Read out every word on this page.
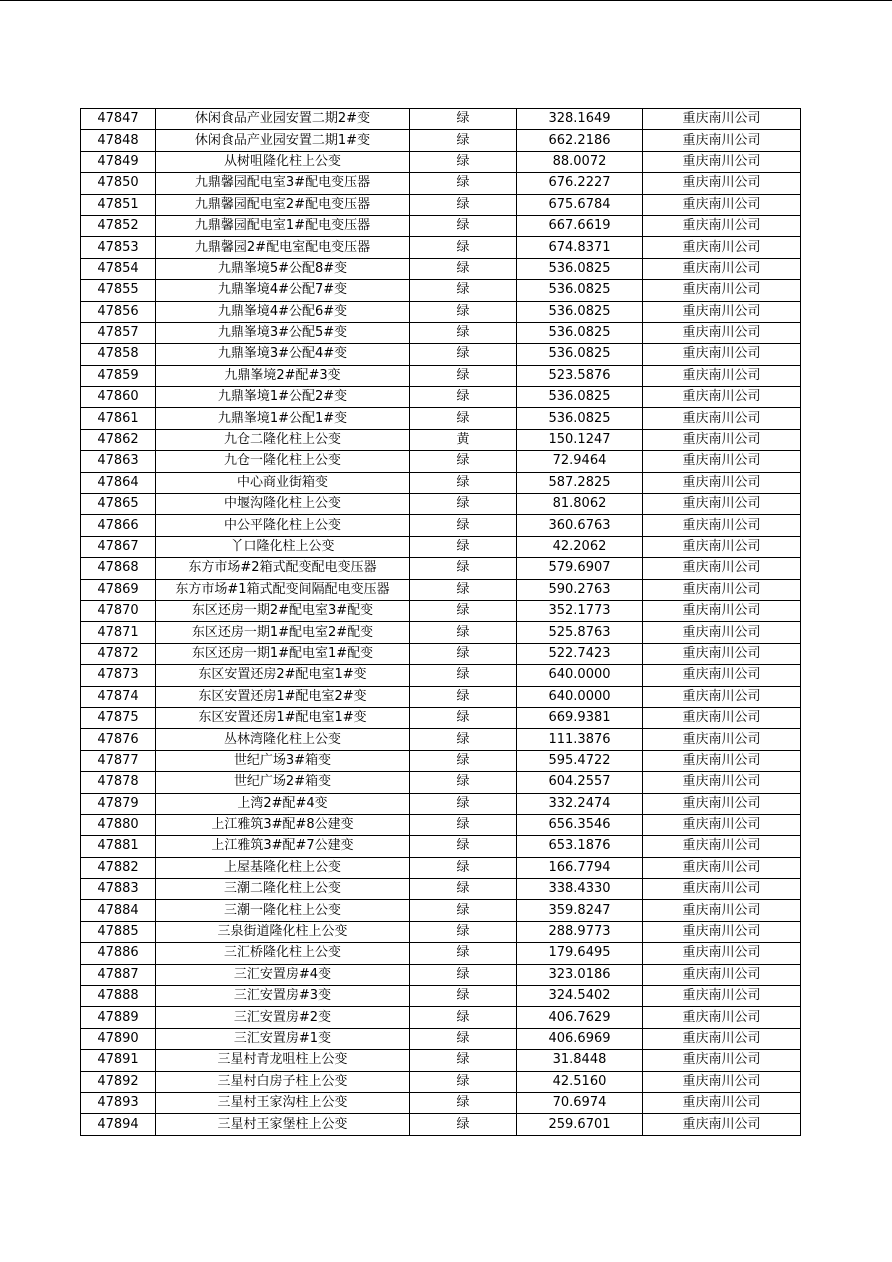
47847	休闲食品产业园安置二期2#变	绿	328.1649	重庆南川公司
47848	休闲食品产业园安置二期1#变	绿	662.2186	重庆南川公司
47849	从树咀隆化柱上公变	绿	88.0072	重庆南川公司
47850	九鼎馨园配电室3#配电变压器	绿	676.2227	重庆南川公司
47851	九鼎馨园配电室2#配电变压器	绿	675.6784	重庆南川公司
47852	九鼎馨园配电室1#配电变压器	绿	667.6619	重庆南川公司
47853	九鼎馨园2#配电室配电变压器	绿	674.8371	重庆南川公司
47854	九鼎峯境5#公配8#变	绿	536.0825	重庆南川公司
47855	九鼎峯境4#公配7#变	绿	536.0825	重庆南川公司
47856	九鼎峯境4#公配6#变	绿	536.0825	重庆南川公司
47857	九鼎峯境3#公配5#变	绿	536.0825	重庆南川公司
47858	九鼎峯境3#公配4#变	绿	536.0825	重庆南川公司
47859	九鼎峯境2#配#3变	绿	523.5876	重庆南川公司
47860	九鼎峯境1#公配2#变	绿	536.0825	重庆南川公司
47861	九鼎峯境1#公配1#变	绿	536.0825	重庆南川公司
47862	九仓二隆化柱上公变	黄	150.1247	重庆南川公司
47863	九仓一隆化柱上公变	绿	72.9464	重庆南川公司
47864	中心商业街箱变	绿	587.2825	重庆南川公司
47865	中堰沟隆化柱上公变	绿	81.8062	重庆南川公司
47866	中公平隆化柱上公变	绿	360.6763	重庆南川公司
47867	丫口隆化柱上公变	绿	42.2062	重庆南川公司
47868	东方市场#2箱式配变配电变压器	绿	579.6907	重庆南川公司
47869	东方市场#1箱式配变间隔配电变压器	绿	590.2763	重庆南川公司
47870	东区还房一期2#配电室3#配变	绿	352.1773	重庆南川公司
47871	东区还房一期1#配电室2#配变	绿	525.8763	重庆南川公司
47872	东区还房一期1#配电室1#配变	绿	522.7423	重庆南川公司
47873	东区安置还房2#配电室1#变	绿	640.0000	重庆南川公司
47874	东区安置还房1#配电室2#变	绿	640.0000	重庆南川公司
47875	东区安置还房1#配电室1#变	绿	669.9381	重庆南川公司
47876	丛林湾隆化柱上公变	绿	111.3876	重庆南川公司
47877	世纪广场3#箱变	绿	595.4722	重庆南川公司
47878	世纪广场2#箱变	绿	604.2557	重庆南川公司
47879	上湾2#配#4变	绿	332.2474	重庆南川公司
47880	上江雅筑3#配#8公建变	绿	656.3546	重庆南川公司
47881	上江雅筑3#配#7公建变	绿	653.1876	重庆南川公司
47882	上屋基隆化柱上公变	绿	166.7794	重庆南川公司
47883	三潮二隆化柱上公变	绿	338.4330	重庆南川公司
47884	三潮一隆化柱上公变	绿	359.8247	重庆南川公司
47885	三泉街道隆化柱上公变	绿	288.9773	重庆南川公司
47886	三汇桥隆化柱上公变	绿	179.6495	重庆南川公司
47887	三汇安置房#4变	绿	323.0186	重庆南川公司
47888	三汇安置房#3变	绿	324.5402	重庆南川公司
47889	三汇安置房#2变	绿	406.7629	重庆南川公司
47890	三汇安置房#1变	绿	406.6969	重庆南川公司
47891	三星村青龙咀柱上公变	绿	31.8448	重庆南川公司
47892	三星村白房子柱上公变	绿	42.5160	重庆南川公司
47893	三星村王家沟柱上公变	绿	70.6974	重庆南川公司
47894	三星村王家堡柱上公变	绿	259.6701	重庆南川公司
